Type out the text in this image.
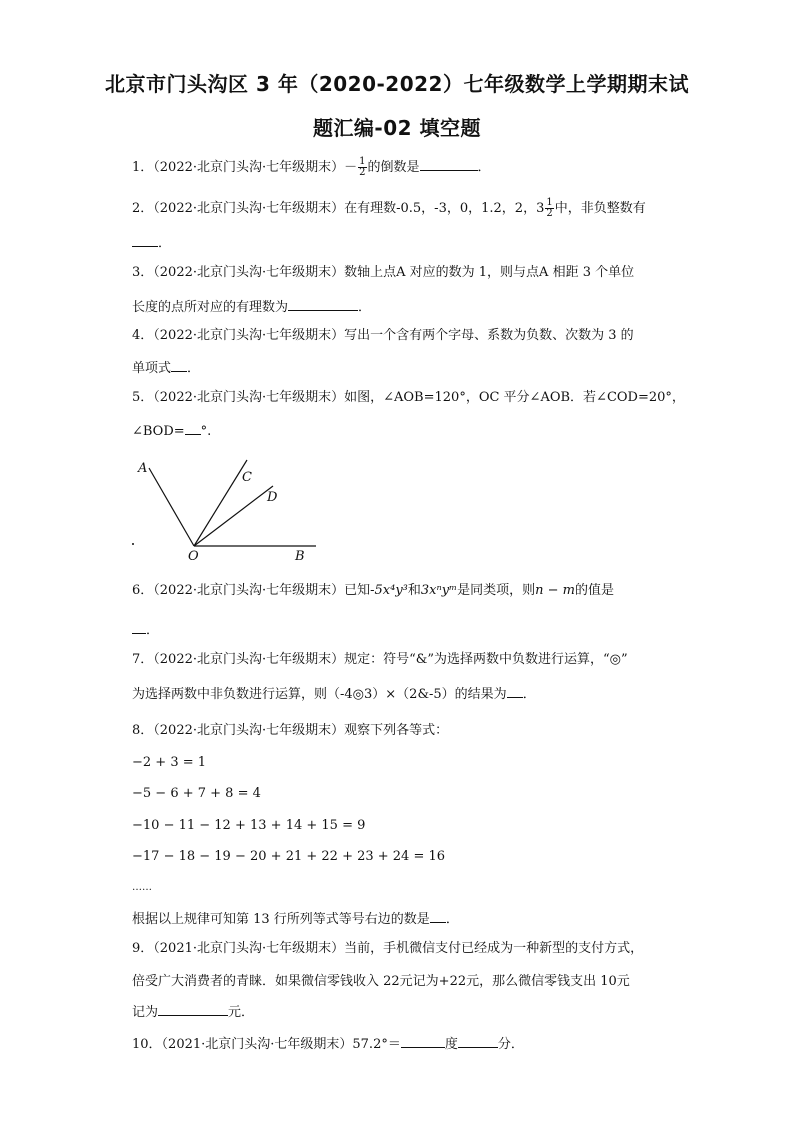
北京市门头沟区 3 年（2020-2022）七年级数学上学期期末试
题汇编-02 填空题
1．（2022·北京门头沟·七年级期末）－ $\frac{1}{2}$ 的倒数是	．
2．（2022·北京门头沟·七年级期末）在有理数-0.5，-3，0，1.2，2，$3 \frac{1}{2}$ 中，非负整数有
．
3．（2022·北京门头沟·七年级期末）数轴上点A 对应的数为 1，则与点A 相距 3 个单位
长度的点所对应的有理数为	．
4．（2022·北京门头沟·七年级期末）写出一个含有两个字母、系数为负数、次数为 3 的
单项式 ．
5．（2022·北京门头沟·七年级期末）如图，∠AOB=120°，OC 平分∠AOB．若∠COD=20°，
∠BOD= °.
A
C
D
O	B
6．（2022·北京门头沟·七年级期末）已知-5x⁴y³和3xⁿyᵐ是同类项，则n − m的值是
．
7．（2022·北京门头沟·七年级期末）规定：符号“&”为选择两数中负数进行运算，“◎”
为选择两数中非负数进行运算，则（-4◎3）×（2&-5）的结果为 ．
8．（2022·北京门头沟·七年级期末）观察下列各等式：
−2 + 3 = 1
−5 − 6 + 7 + 8 = 4
−10 − 11 − 12 + 13 + 14 + 15 = 9
−17 − 18 − 19 − 20 + 21 + 22 + 23 + 24 = 16
……
根据以上规律可知第 13 行所列等式等号右边的数是 ．
9．（2021·北京门头沟·七年级期末）当前，手机微信支付已经成为一种新型的支付方式，
倍受广大消费者的青睐．如果微信零钱收入 22元记为+22元，那么微信零钱支出 10元
记为	元．
10．（2021·北京门头沟·七年级期末）57.2°＝	度	分．
